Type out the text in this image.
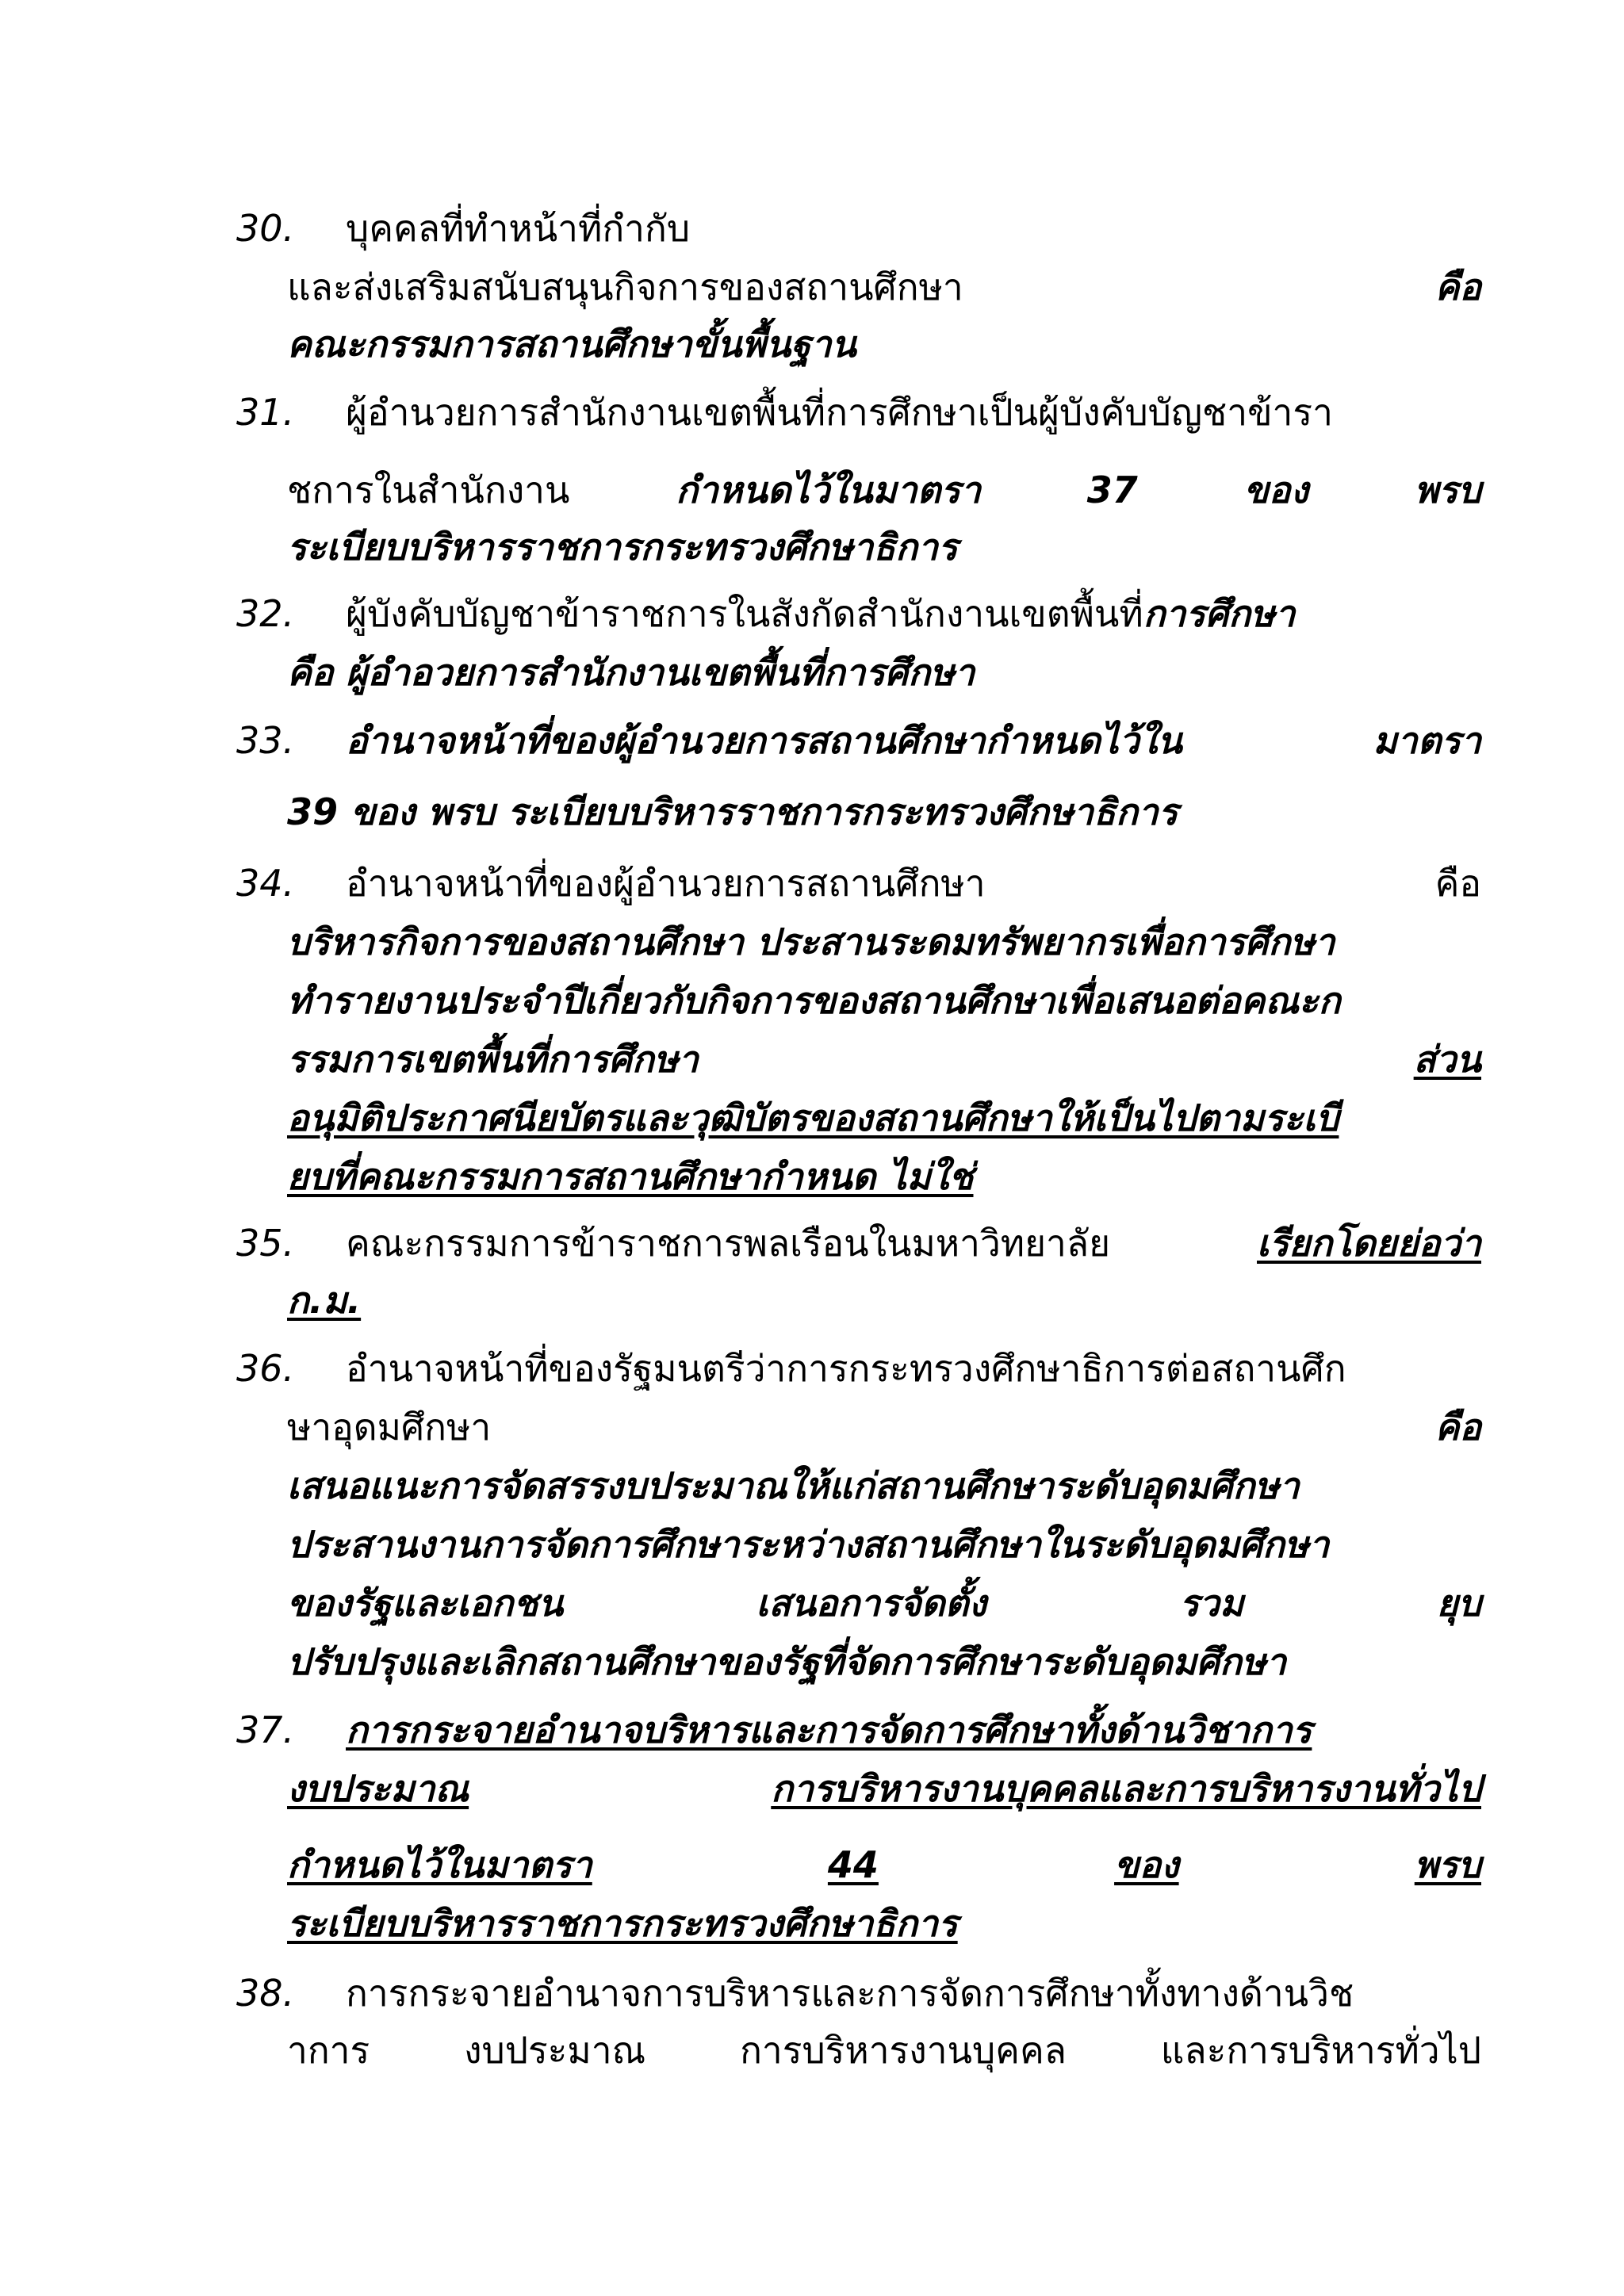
30. บุคคลที่ทำหน้าที่กำกับ
และส่งเสริมสนับสนุนกิจการของสถานศึกษา	คือ
คณะกรรมการสถานศึกษาขั้นพื้นฐาน
31. ผู้อำนวยการสำนักงานเขตพื้นที่การศึกษาเป็นผู้บังคับบัญชาข้ารา
ชการในสำนักงาน	กำหนดไว้ในมาตรา	37	ของ	พรบ
ระเบียบบริหารราชการกระทรวงศึกษาธิการ
32. ผู้บังคับบัญชาข้าราชการในสังกัดสำนักงานเขตพื้นที่การศึกษา
คือ ผู้อำอวยการสำนักงานเขตพื้นที่การศึกษา
33. อำนาจหน้าที่ของผู้อำนวยการสถานศึกษากำหนดไว้ใน	มาตรา
39 ของ พรบ ระเบียบบริหารราชการกระทรวงศึกษาธิการ
34. อำนาจหน้าที่ของผู้อำนวยการสถานศึกษา	คือ
บริหารกิจการของสถานศึกษา ประสานระดมทรัพยากรเพื่อการศึกษา
ทำรายงานประจำปีเกี่ยวกับกิจการของสถานศึกษาเพื่อเสนอต่อคณะก
รรมการเขตพื้นที่การศึกษา	ส่วน
อนุมิติประกาศนียบัตรและวุฒิบัตรของสถานศึกษาให้เป็นไปตามระเบี
ยบที่คณะกรรมการสถานศึกษากำหนด ไม่ใช่
35. คณะกรรมการข้าราชการพลเรือนในมหาวิทยาลัย	เรียกโดยย่อว่า
ก.ม.
36. อำนาจหน้าที่ของรัฐมนตรีว่าการกระทรวงศึกษาธิการต่อสถานศึก
ษาอุดมศึกษา	คือ
เสนอแนะการจัดสรรงบประมาณให้แก่สถานศึกษาระดับอุดมศึกษา
ประสานงานการจัดการศึกษาระหว่างสถานศึกษาในระดับอุดมศึกษา
ของรัฐและเอกชน	เสนอการจัดตั้ง	รวม	ยุบ
ปรับปรุงและเลิกสถานศึกษาของรัฐที่จัดการศึกษาระดับอุดมศึกษา
37. การกระจายอำนาจบริหารและการจัดการศึกษาทั้งด้านวิชาการ
งบประมาณ	การบริหารงานบุคคลและการบริหารงานทั่วไป
กำหนดไว้ในมาตรา	44	ของ	พรบ
ระเบียบบริหารราชการกระทรวงศึกษาธิการ
38. การกระจายอำนาจการบริหารและการจัดการศึกษาทั้งทางด้านวิช
าการ	งบประมาณ	การบริหารงานบุคคล	และการบริหารทั่วไป
